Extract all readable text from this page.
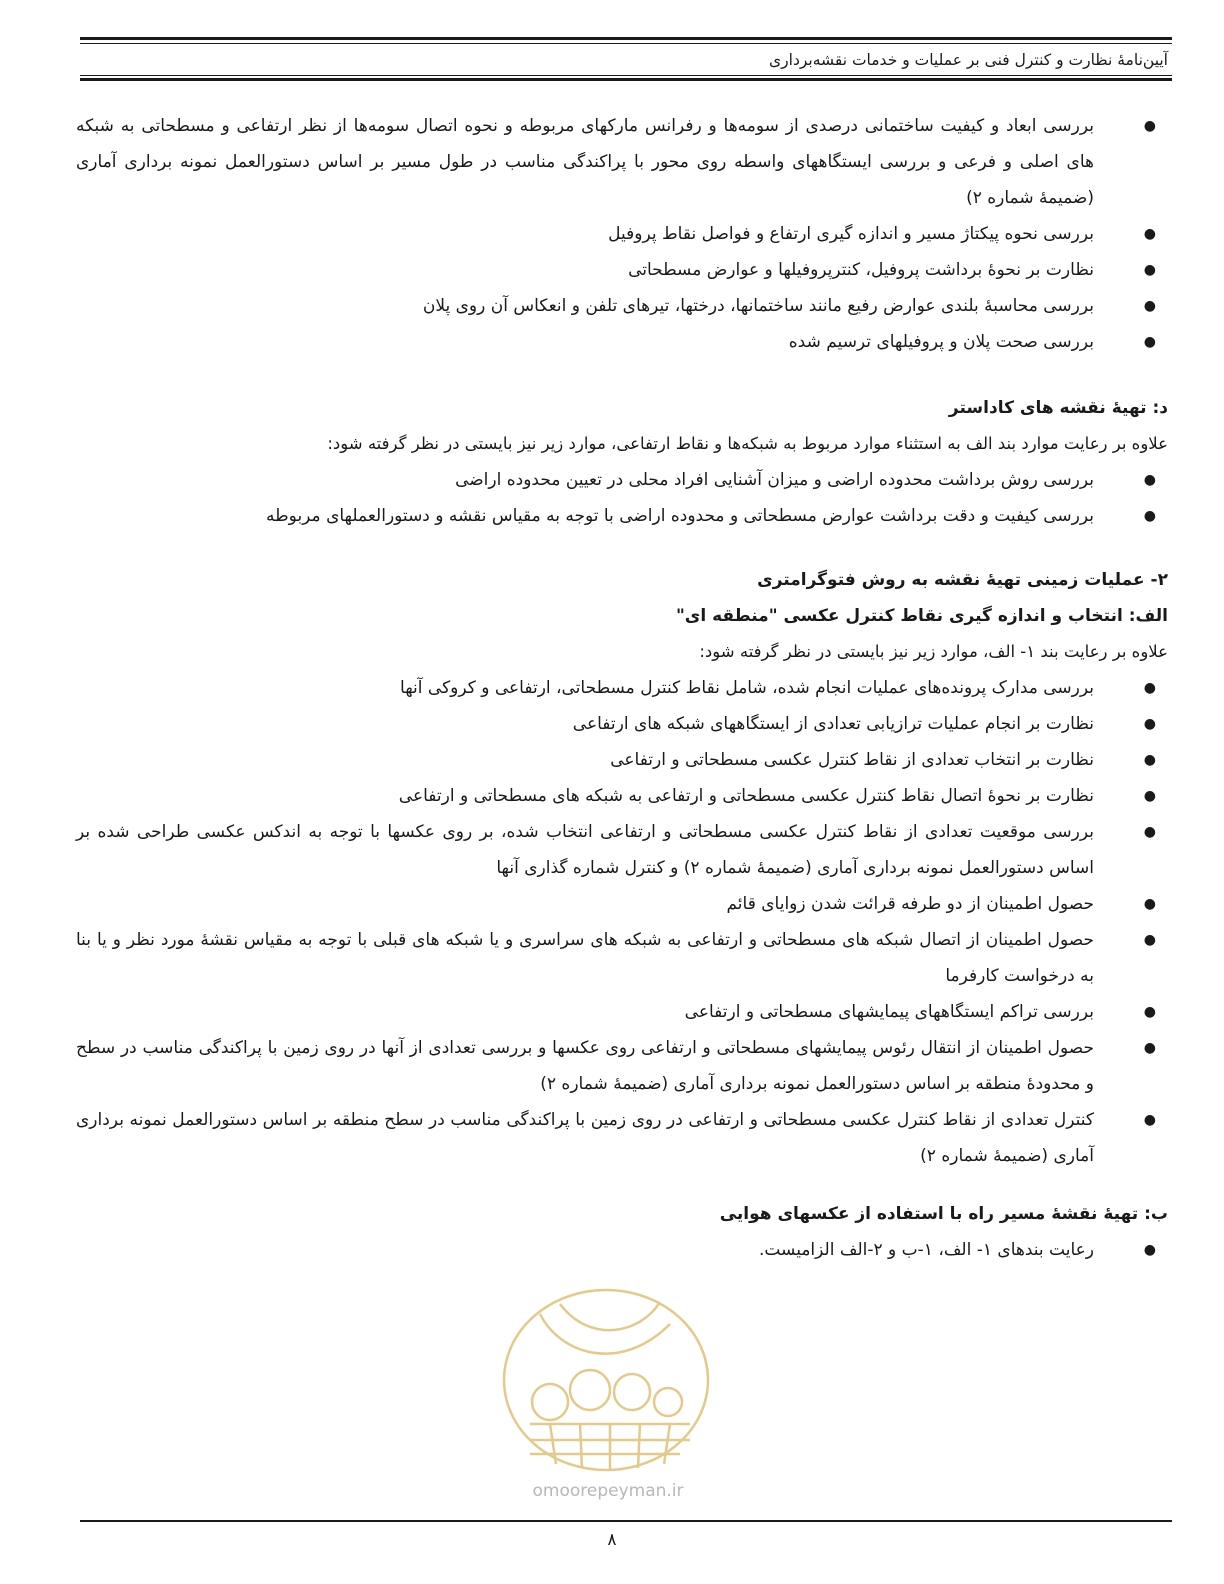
آیین‌نامهٔ نظارت و کنترل فنی بر عملیات و خدمات نقشه‌برداری
●
بررسی ابعاد و کیفیت ساختمانی درصدی از سومه‌ها و رفرانس مارکهای مربوطه و نحوه اتصال سومه‌ها از نظر ارتفاعی و مسطحاتی به شبکه های اصلی و فرعی و بررسی ایستگاههای واسطه روی محور با پراکندگی مناسب در طول مسیر بر اساس دستورالعمل نمونه برداری آماری (ضمیمهٔ شماره ۲)
●
بررسی نحوه پیکتاژ مسیر و اندازه گیری ارتفاع و فواصل نقاط پروفیل
●
نظارت بر نحوهٔ برداشت پروفیل، کنترپروفیلها و عوارض مسطحاتی
●
بررسی محاسبهٔ بلندی عوارض رفیع مانند ساختمانها، درختها، تیرهای تلفن و انعکاس آن روی پلان
●
بررسی صحت پلان و پروفیلهای ترسیم شده
د: تهیهٔ نقشه های کاداستر
علاوه بر رعایت موارد بند الف به استثناء موارد مربوط به شبکه‌ها و نقاط ارتفاعی، موارد زیر نیز بایستی در نظر گرفته شود:
●
بررسی روش برداشت محدوده اراضی و میزان آشنایی افراد محلی در تعیین محدوده اراضی
●
بررسی کیفیت و دقت برداشت عوارض مسطحاتی و محدوده اراضی با توجه به مقیاس نقشه و دستورالعملهای مربوطه
۲- عملیات زمینی تهیهٔ نقشه به روش فتوگرامتری
الف: انتخاب و اندازه گیری نقاط کنترل عکسی "منطقه ای"
علاوه بر رعایت بند ۱- الف، موارد زیر نیز بایستی در نظر گرفته شود:
●
بررسی مدارک پرونده‌های عملیات انجام شده، شامل نقاط کنترل مسطحاتی، ارتفاعی و کروکی آنها
●
نظارت بر انجام عملیات ترازیابی تعدادی از ایستگاههای شبکه های ارتفاعی
●
نظارت بر انتخاب تعدادی از نقاط کنترل عکسی مسطحاتی و ارتفاعی
●
نظارت بر نحوهٔ اتصال نقاط کنترل عکسی مسطحاتی و ارتفاعی به شبکه های مسطحاتی و ارتفاعی
●
بررسی موقعیت تعدادی از نقاط کنترل عکسی مسطحاتی و ارتفاعی انتخاب شده، بر روی عکسها با توجه به اندکس عکسی طراحی شده بر اساس دستورالعمل نمونه برداری آماری (ضمیمهٔ شماره ۲) و کنترل شماره گذاری آنها
●
حصول اطمینان از دو طرفه قرائت شدن زوایای قائم
●
حصول اطمینان از اتصال شبکه های مسطحاتی و ارتفاعی به شبکه های سراسری و یا شبکه های قبلی با توجه به مقیاس نقشهٔ مورد نظر و یا بنا به درخواست کارفرما
●
بررسی تراکم ایستگاههای پیمایشهای مسطحاتی و ارتفاعی
●
حصول اطمینان از انتقال رئوس پیمایشهای مسطحاتی و ارتفاعی روی عکسها و بررسی تعدادی از آنها در روی زمین با پراکندگی مناسب در سطح و محدودهٔ منطقه بر اساس دستورالعمل نمونه برداری آماری (ضمیمهٔ شماره ۲)
●
کنترل تعدادی از نقاط کنترل عکسی مسطحاتی و ارتفاعی در روی زمین با پراکندگی مناسب در سطح منطقه بر اساس دستورالعمل نمونه برداری آماری (ضمیمهٔ شماره ۲)
ب: تهیهٔ نقشهٔ مسیر راه با استفاده از عکسهای هوایی
●
رعایت بندهای ۱- الف، ۱-ب و ۲-الف الزامیست.
omoorepeyman.ir
۸
